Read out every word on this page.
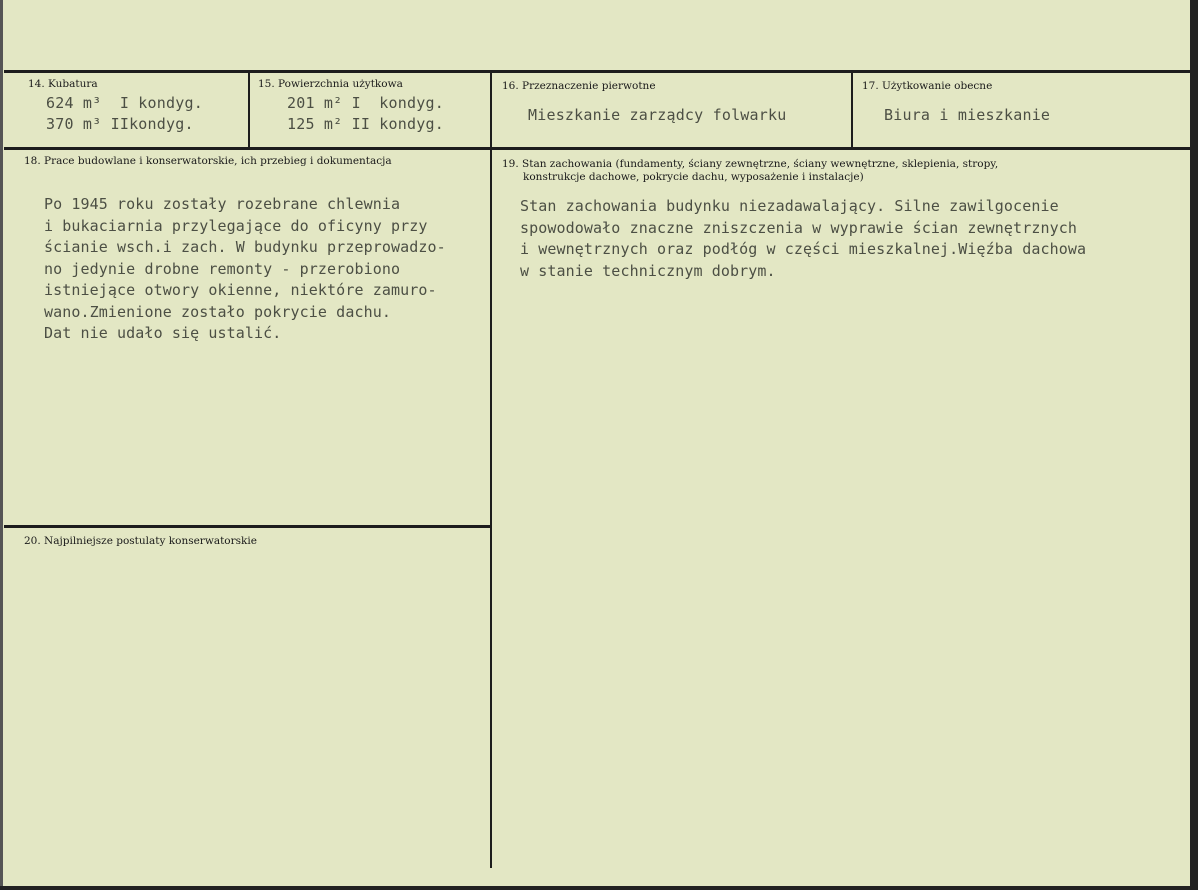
14. Kubatura
624 m³  I kondyg.
370 m³ IIkondyg.
15. Powierzchnia użytkowa
201 m² I  kondyg.
125 m² II kondyg.
16. Przeznaczenie pierwotne
Mieszkanie zarządcy folwarku
17. Użytkowanie obecne
Biura i mieszkanie
18. Prace budowlane i konserwatorskie, ich przebieg i dokumentacja
Po 1945 roku zostały rozebrane chlewnia
i bukaciarnia przylegające do oficyny przy
ścianie wsch.i zach. W budynku przeprowadzo-
no jedynie drobne remonty - przerobiono
istniejące otwory okienne, niektóre zamuro-
wano.Zmienione zostało pokrycie dachu.
Dat nie udało się ustalić.
19. Stan zachowania (fundamenty, ściany zewnętrzne, ściany wewnętrzne, sklepienia, stropy,
konstrukcje dachowe, pokrycie dachu, wyposażenie i instalacje)
Stan zachowania budynku niezadawalający. Silne zawilgocenie
spowodowało znaczne zniszczenia w wyprawie ścian zewnętrznych
i wewnętrznych oraz podłóg w części mieszkalnej.Więźba dachowa
w stanie technicznym dobrym.
20. Najpilniejsze postulaty konserwatorskie
